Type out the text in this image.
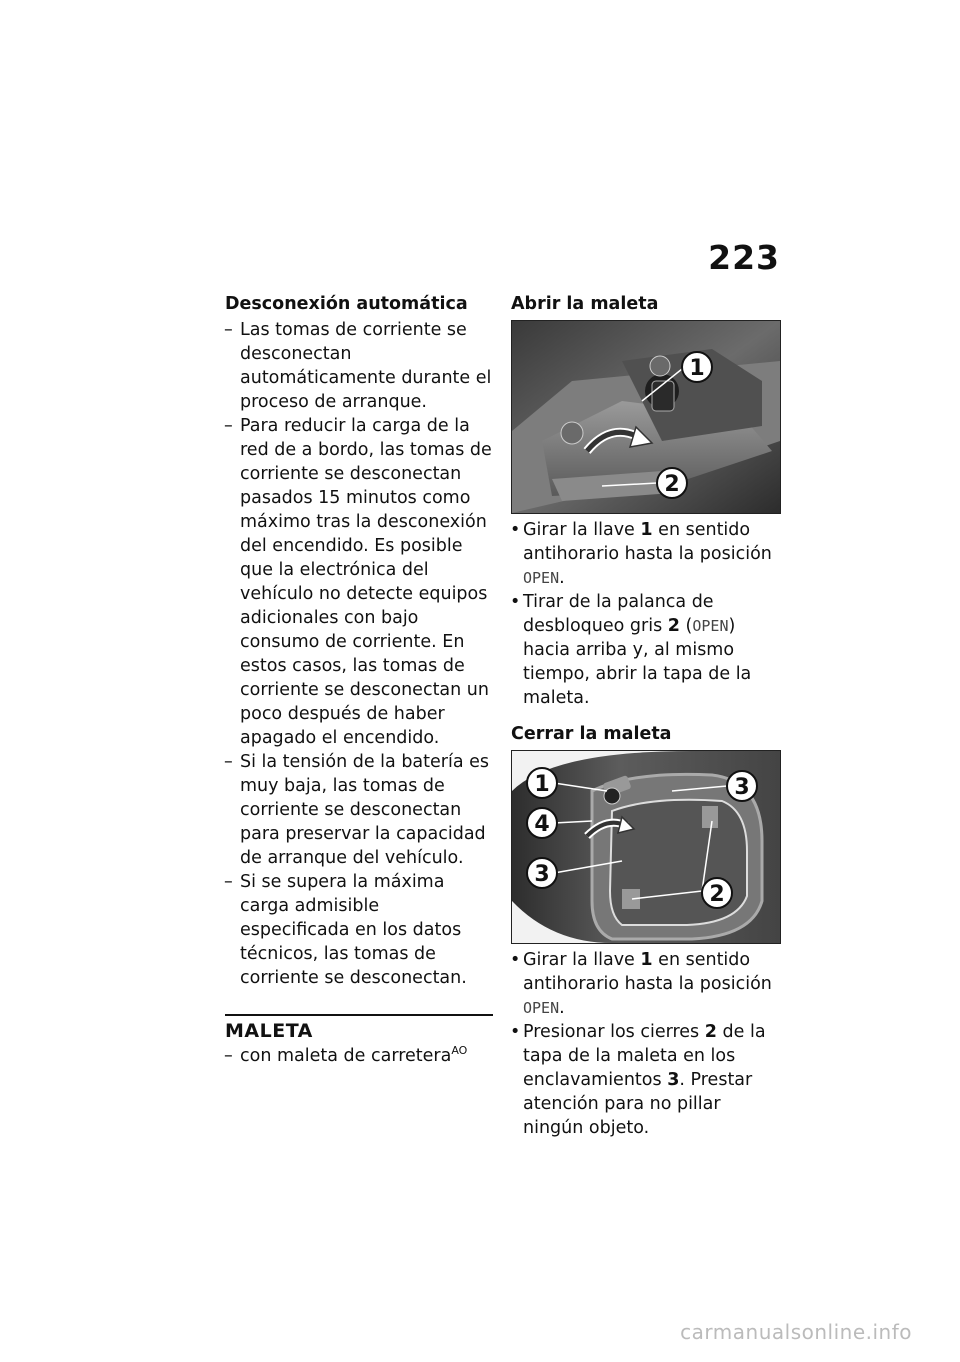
223
Desconexión automática
– Las tomas de corriente se desconectan automáticamente durante el proceso de arranque.
– Para reducir la carga de la red de a bordo, las tomas de corriente se desconectan pasados 15 minutos como máximo tras la desconexión del encendido. Es posible que la electrónica del vehículo no detecte equipos adicionales con bajo consumo de corriente. En estos casos, las tomas de corriente se desconectan un poco después de haber apagado el encendido.
– Si la tensión de la batería es muy baja, las tomas de corriente se desconectan para preservar la capacidad de arranque del vehículo.
– Si se supera la máxima carga admisible especificada en los datos técnicos, las tomas de corriente se desconectan.
MALETA
– con maleta de carretera$^{AO}$
Abrir la maleta
1
2
• Girar la llave 1 en sentido antihorario hasta la posición OPEN.
• Tirar de la palanca de desbloqueo gris 2 (OPEN) hacia arriba y, al mismo tiempo, abrir la tapa de la maleta.
Cerrar la maleta
1
4
3
3
2
• Girar la llave 1 en sentido antihorario hasta la posición OPEN.
• Presionar los cierres 2 de la tapa de la maleta en los enclavamientos 3. Prestar atención para no pillar ningún objeto.
carmanualsonline.info
